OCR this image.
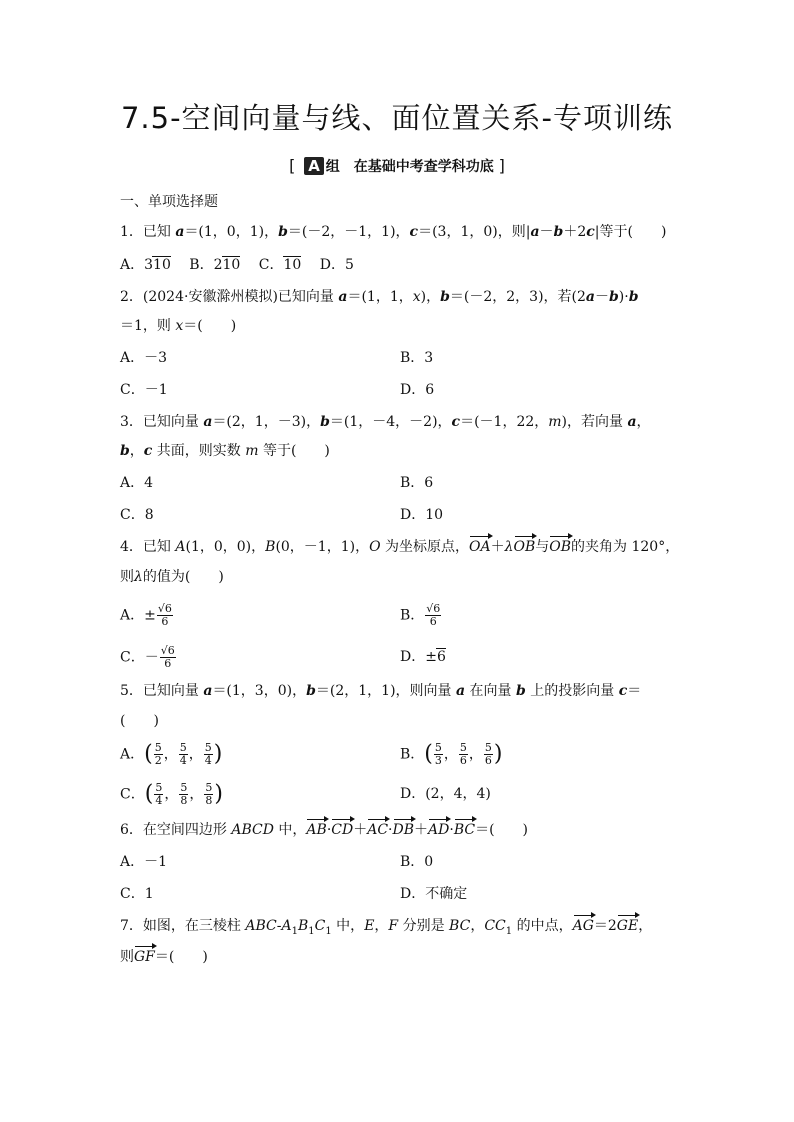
7.5-空间向量与线、面位置关系-专项训练
[ A 组　在基础中考查学科功底 ]
一、单项选择题
1．已知 a＝(1，0，1)，b＝(－2，－1，1)，c＝(3，1，0)，则|a－b＋2c|等于(　　)
A．310　 B．210　 C．10　 D．5
2．(2024·安徽滁州模拟)已知向量 a＝(1，1，x)，b＝(－2，2，3)，若(2a－b)·b
＝1，则 x＝(　　)
A．－3	B．3
C．－1	D．6
3．已知向量 a＝(2，1，－3)，b＝(1，－4，－2)，c＝(－1，22，m)，若向量 a，
b，c 共面，则实数 m 等于(　　)
A．4	B．6
C．8	D．10
4．已知 A(1，0，0)，B(0，－1，1)，O 为坐标原点，OA＋λOB与OB的夹角为 120°，
则λ的值为(　　)
A．± $\frac{√6}{6}$	B． $\frac{√6}{6}$
C．－ $\frac{√6}{6}$	D．±6
5．已知向量 a＝(1，3，0)，b＝(2，1，1)，则向量 a 在向量 b 上的投影向量 c＝
(　　)
A．( $\frac{5}{2}$ ， $\frac{5}{4}$ ， $\frac{5}{4}$ )	B．( $\frac{5}{3}$ ， $\frac{5}{6}$ ， $\frac{5}{6}$ )
C．( $\frac{5}{4}$ ， $\frac{5}{8}$ ， $\frac{5}{8}$ )	D．(2，4，4)
6．在空间四边形 ABCD 中，AB·CD＋AC·DB＋AD·BC＝(　　)
A．－1	B．0
C．1	D．不确定
7．如图，在三棱柱 ABC-$A_1B_1C_1$ 中，E，F 分别是 BC，$CC_1$ 的中点，AG＝2GE，
则GF＝(　　)
